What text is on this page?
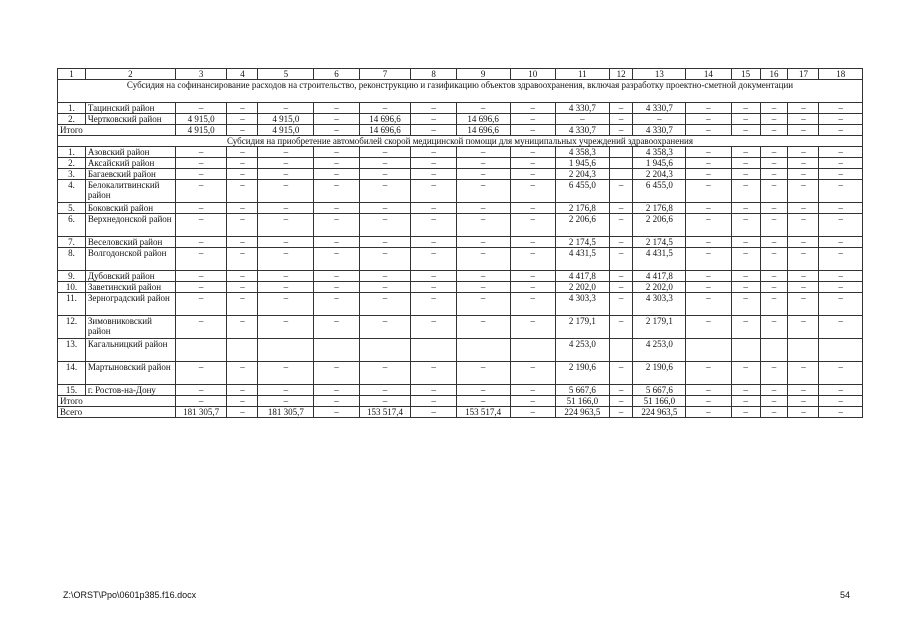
1	2	3	4	5	6	7	8	9	10	11	12	13	14	15	16	17	18
Субсидия на софинансирование расходов на строительство, реконструкцию и газификацию объектов здравоохранения, включая разработку проектно-сметной документации																	
1.	Тацинский район	–	–	–	–	–	–	–	–	4 330,7	–	4 330,7	–	–	–	–	–
2.	Чертковский район	4 915,0	–	4 915,0	–	14 696,6	–	14 696,6	–	–	–	–	–	–	–	–	–
Итого		4 915,0	–	4 915,0	–	14 696,6	–	14 696,6	–	4 330,7	–	4 330,7	–	–	–	–	–
Субсидия на приобретение автомобилей скорой медицинской помощи для муниципальных учреждений здравоохранения																	
1.	Азовский район	–	–	–	–	–	–	–	–	4 358,3		4 358,3	–	–	–	–	–
2.	Аксайский район	–	–	–	–	–	–	–	–	1 945,6		1 945,6	–	–	–	–	–
3.	Багаевский район	–	–	–	–	–	–	–	–	2 204,3		2 204,3	–	–	–	–	–
4.	Белокалитвинский район	–	–	–	–	–	–	–	–	6 455,0	–	6 455,0	–	–	–	–	–
5.	Боковский район	–	–	–	–	–	–	–	–	2 176,8	–	2 176,8	–	–	–	–	–
6.	Верхнедонской район	–	–	–	–	–	–	–	–	2 206,6	–	2 206,6	–	–	–	–	–
7.	Веселовский район	–	–	–	–	–	–	–	–	2 174,5	–	2 174,5	–	–	–	–	–
8.	Волгодонской район	–	–	–	–	–	–	–	–	4 431,5	–	4 431,5	–	–	–	–	–
9.	Дубовский район	–	–	–	–	–	–	–	–	4 417,8	–	4 417,8	–	–	–	–	–
10.	Заветинский район	–	–	–	–	–	–	–	–	2 202,0	–	2 202,0	–	–	–	–	–
11.	Зерноградский район	–	–	–	–	–	–	–	–	4 303,3	–	4 303,3	–	–	–	–	–
12.	Зимовниковский район	–	–	–	–	–	–	–	–	2 179,1	–	2 179,1	–	–	–	–	–
13.	Кагальницкий район									4 253,0		4 253,0					
14.	Мартыновский район	–	–	–	–	–	–	–	–	2 190,6	–	2 190,6	–	–	–	–	–
15.	г. Ростов-на-Дону	–	–	–	–	–	–	–	–	5 667,6	–	5 667,6	–	–	–	–	–
Итого		–	–	–	–	–	–	–	–	51 166,0	–	51 166,0	–	–	–	–	–
Всего		181 305,7	–	181 305,7	–	153 517,4	–	153 517,4	–	224 963,5	–	224 963,5	–	–	–	–	–
Z:\ORST\Ppo\0601p385.f16.docx	54
